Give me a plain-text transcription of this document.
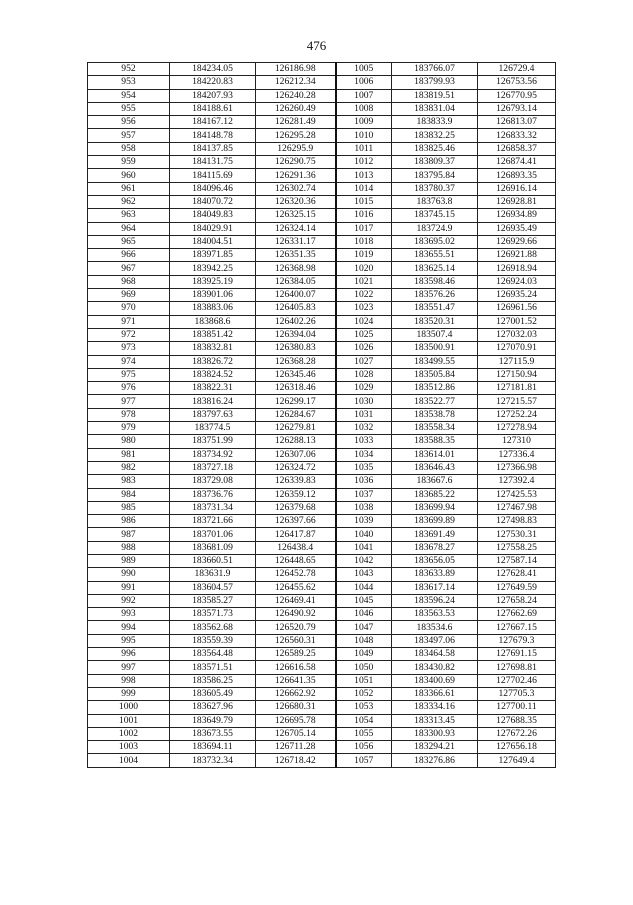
476
952	184234.05	126186.98	1005	183766.07	126729.4
953	184220.83	126212.34	1006	183799.93	126753.56
954	184207.93	126240.28	1007	183819.51	126770.95
955	184188.61	126260.49	1008	183831.04	126793.14
956	184167.12	126281.49	1009	183833.9	126813.07
957	184148.78	126295.28	1010	183832.25	126833.32
958	184137.85	126295.9	1011	183825.46	126858.37
959	184131.75	126290.75	1012	183809.37	126874.41
960	184115.69	126291.36	1013	183795.84	126893.35
961	184096.46	126302.74	1014	183780.37	126916.14
962	184070.72	126320.36	1015	183763.8	126928.81
963	184049.83	126325.15	1016	183745.15	126934.89
964	184029.91	126324.14	1017	183724.9	126935.49
965	184004.51	126331.17	1018	183695.02	126929.66
966	183971.85	126351.35	1019	183655.51	126921.88
967	183942.25	126368.98	1020	183625.14	126918.94
968	183925.19	126384.05	1021	183598.46	126924.03
969	183901.06	126400.07	1022	183576.26	126935.24
970	183883.06	126405.83	1023	183551.47	126961.56
971	183868.6	126402.26	1024	183520.31	127001.52
972	183851.42	126394.04	1025	183507.4	127032.03
973	183832.81	126380.83	1026	183500.91	127070.91
974	183826.72	126368.28	1027	183499.55	127115.9
975	183824.52	126345.46	1028	183505.84	127150.94
976	183822.31	126318.46	1029	183512.86	127181.81
977	183816.24	126299.17	1030	183522.77	127215.57
978	183797.63	126284.67	1031	183538.78	127252.24
979	183774.5	126279.81	1032	183558.34	127278.94
980	183751.99	126288.13	1033	183588.35	127310
981	183734.92	126307.06	1034	183614.01	127336.4
982	183727.18	126324.72	1035	183646.43	127366.98
983	183729.08	126339.83	1036	183667.6	127392.4
984	183736.76	126359.12	1037	183685.22	127425.53
985	183731.34	126379.68	1038	183699.94	127467.98
986	183721.66	126397.66	1039	183699.89	127498.83
987	183701.06	126417.87	1040	183691.49	127530.31
988	183681.09	126438.4	1041	183678.27	127558.25
989	183660.51	126448.65	1042	183656.05	127587.14
990	183631.9	126452.78	1043	183633.89	127628.41
991	183604.57	126455.62	1044	183617.14	127649.59
992	183585.27	126469.41	1045	183596.24	127658.24
993	183571.73	126490.92	1046	183563.53	127662.69
994	183562.68	126520.79	1047	183534.6	127667.15
995	183559.39	126560.31	1048	183497.06	127679.3
996	183564.48	126589.25	1049	183464.58	127691.15
997	183571.51	126616.58	1050	183430.82	127698.81
998	183586.25	126641.35	1051	183400.69	127702.46
999	183605.49	126662.92	1052	183366.61	127705.3
1000	183627.96	126680.31	1053	183334.16	127700.11
1001	183649.79	126695.78	1054	183313.45	127688.35
1002	183673.55	126705.14	1055	183300.93	127672.26
1003	183694.11	126711.28	1056	183294.21	127656.18
1004	183732.34	126718.42	1057	183276.86	127649.4
